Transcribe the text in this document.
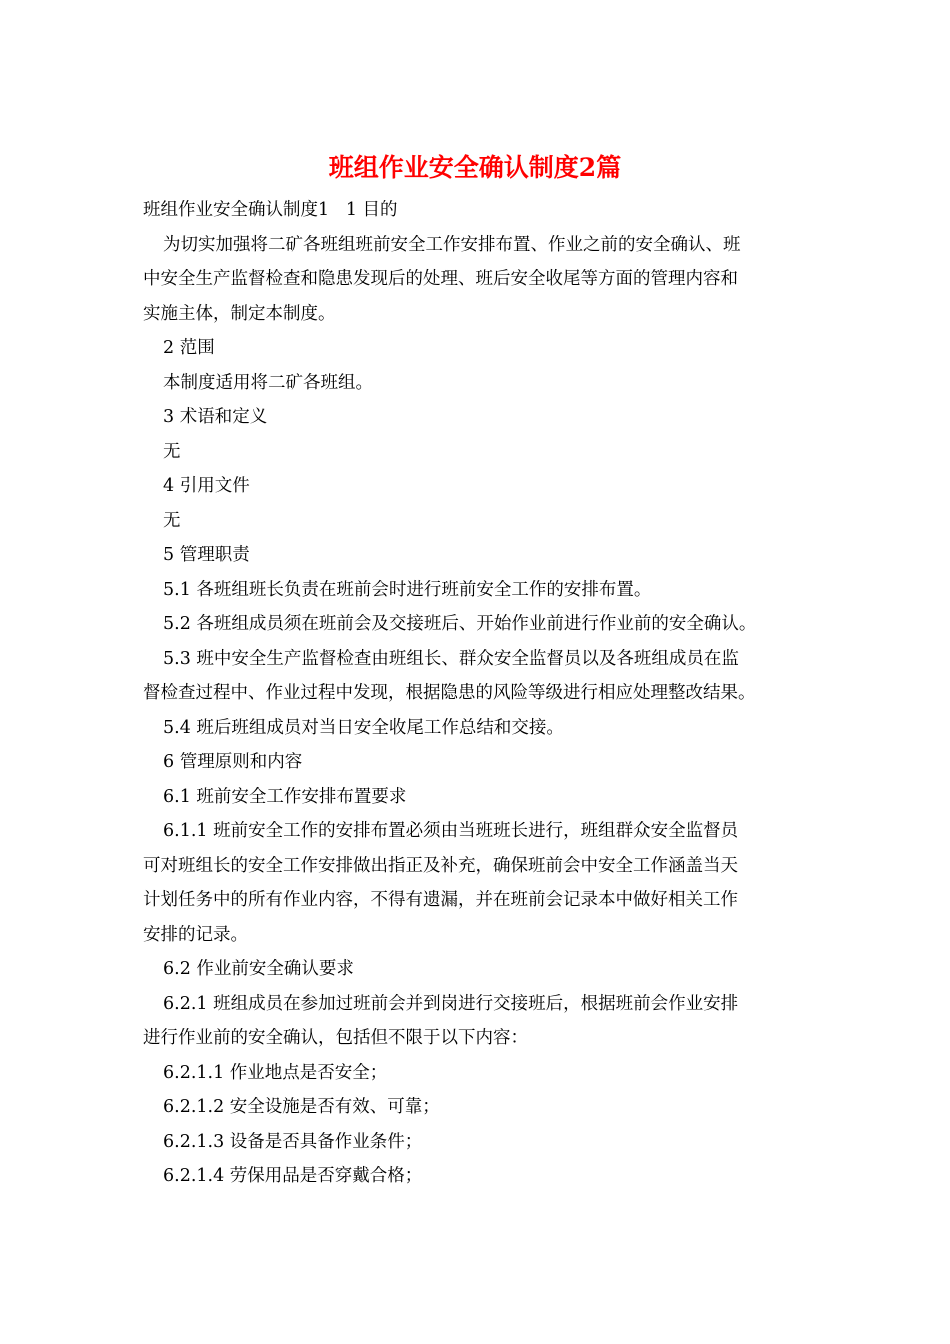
班组作业安全确认制度2篇
班组作业安全确认制度1   1 目的
为切实加强将二矿各班组班前安全工作安排布置、作业之前的安全确认、班
中安全生产监督检查和隐患发现后的处理、班后安全收尾等方面的管理内容和
实施主体，制定本制度。
2 范围
本制度适用将二矿各班组。
3 术语和定义
无
4 引用文件
无
5 管理职责
5.1 各班组班长负责在班前会时进行班前安全工作的安排布置。
5.2 各班组成员须在班前会及交接班后、开始作业前进行作业前的安全确认。
5.3 班中安全生产监督检查由班组长、群众安全监督员以及各班组成员在监
督检查过程中、作业过程中发现，根据隐患的风险等级进行相应处理整改结果。
5.4 班后班组成员对当日安全收尾工作总结和交接。
6 管理原则和内容
6.1 班前安全工作安排布置要求
6.1.1 班前安全工作的安排布置必须由当班班长进行，班组群众安全监督员
可对班组长的安全工作安排做出指正及补充，确保班前会中安全工作涵盖当天
计划任务中的所有作业内容，不得有遗漏，并在班前会记录本中做好相关工作
安排的记录。
6.2 作业前安全确认要求
6.2.1 班组成员在参加过班前会并到岗进行交接班后，根据班前会作业安排
进行作业前的安全确认，包括但不限于以下内容：
6.2.1.1 作业地点是否安全；
6.2.1.2 安全设施是否有效、可靠；
6.2.1.3 设备是否具备作业条件；
6.2.1.4 劳保用品是否穿戴合格；
